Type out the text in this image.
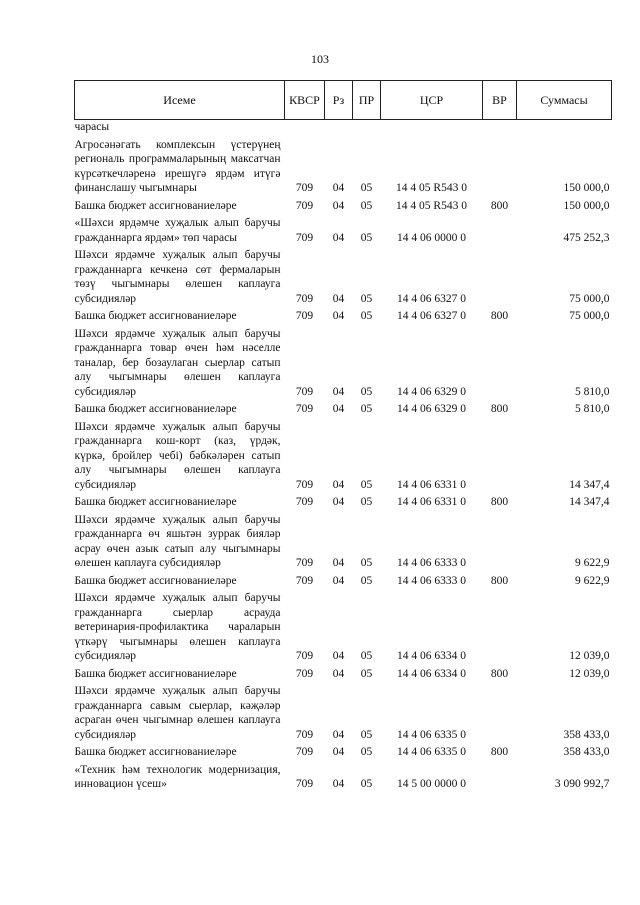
103
Исеме	КВСР	Рз	ПР	ЦСР	ВР	Суммасы
чарасы						

Агросәнәгать комплексын үстерүнең региональ программаларының максатчан күрсәткечләренә ирешүгә ярдәм итүгә финанслашу чыгымнары	709	04	05	14 4 05 R543 0		150 000,0

Башка бюджет ассигнованиеләре	709	04	05	14 4 05 R543 0	800	150 000,0

«Шәхси ярдәмче хуҗалык алып баручы гражданнарга ярдәм» төп чарасы	709	04	05	14 4 06 0000 0		475 252,3

Шәхси ярдәмче хуҗалык алып баручы гражданнарга кечкенә сөт фермаларын төзү чыгымнары өлешен каплауга субсидияләр	709	04	05	14 4 06 6327 0		75 000,0

Башка бюджет ассигнованиеләре	709	04	05	14 4 06 6327 0	800	75 000,0

Шәхси ярдәмче хуҗалык алып баручы гражданнарга товар өчен һәм нәселле таналар, бер бозаулаган сыерлар сатып алу чыгымнары өлешен каплауга субсидияләр	709	04	05	14 4 06 6329 0		5 810,0

Башка бюджет ассигнованиеләре	709	04	05	14 4 06 6329 0	800	5 810,0

Шәхси ярдәмче хуҗалык алып баручы гражданнарга кош-корт (каз, үрдәк, күркә, бройлер чебі) бәбкәләрен сатып алу чыгымнары өлешен каплауга субсидияләр	709	04	05	14 4 06 6331 0		14 347,4

Башка бюджет ассигнованиеләре	709	04	05	14 4 06 6331 0	800	14 347,4

Шәхси ярдәмче хуҗалык алып баручы гражданнарга өч яшьтән зуррак бияләр асрау өчен азык сатып алу чыгымнары өлешен каплауга субсидияләр	709	04	05	14 4 06 6333 0		9 622,9

Башка бюджет ассигнованиеләре	709	04	05	14 4 06 6333 0	800	9 622,9

Шәхси ярдәмче хуҗалык алып баручы гражданнарга сыерлар асрауда ветеринария-профилактика чараларын үткәрү чыгымнары өлешен каплауга субсидияләр	709	04	05	14 4 06 6334 0		12 039,0

Башка бюджет ассигнованиеләре	709	04	05	14 4 06 6334 0	800	12 039,0

Шәхси ярдәмче хуҗалык алып баручы гражданнарга савым сыерлар, кәҗәләр асраган өчен чыгымнар өлешен каплауга субсидияләр	709	04	05	14 4 06 6335 0		358 433,0

Башка бюджет ассигнованиеләре	709	04	05	14 4 06 6335 0	800	358 433,0

«Техник һәм технологик модернизация, инновацион үсеш»	709	04	05	14 5 00 0000 0		3 090 992,7
